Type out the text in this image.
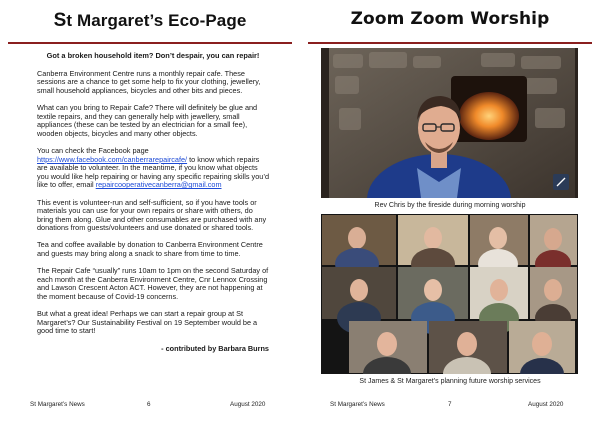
St Margaret’s Eco-Page
Got a broken household item? Don’t despair, you can repair!

Canberra Environment Centre runs a monthly repair cafe. These sessions are a chance to get some help to fix your clothing, jewellery, small household appliances, bicycles and other bits and pieces.

What can you bring to Repair Cafe? There will definitely be glue and textile repairs, and they can generally help with jewellery, small appliances (these can be tested by an electrician for a small fee), wooden objects, bicycles and many other objects.

You can check the Facebook page https://www.facebook.com/canberrarepaircafe/ to know which repairs are available to volunteer. In the meantime, if you know what objects you would like help repairing or having any specific repairing skills you’d like to offer, email repaircooperativecanberra@gmail.com

This event is volunteer-run and self-sufficient, so if you have tools or materials you can use for your own repairs or share with others, do bring them along. Glue and other consumables are purchased with any donations from guests/volunteers and use donated or shared tools.

Tea and coffee available by donation to Canberra Environment Centre and guests may bring along a snack to share from time to time.

The Repair Cafe “usually” runs 10am to 1pm on the second Saturday of each month at the Canberra Environment Centre, Cnr Lennox Crossing and Lawson Crescent Acton ACT. However, they are not happening at the moment because of Covid-19 concerns.

But what a great idea! Perhaps we can start a repair group at St Margaret’s? Our Sustainability Festival on 19 September would be a good time to start!

- contributed by Barbara Burns
St Margaret’s News	6	August 2020
Zoom Zoom Worship
Rev Chris by the fireside during morning worship
St James & St Margaret’s planning future worship services
St Margaret’s News	7	August 2020
